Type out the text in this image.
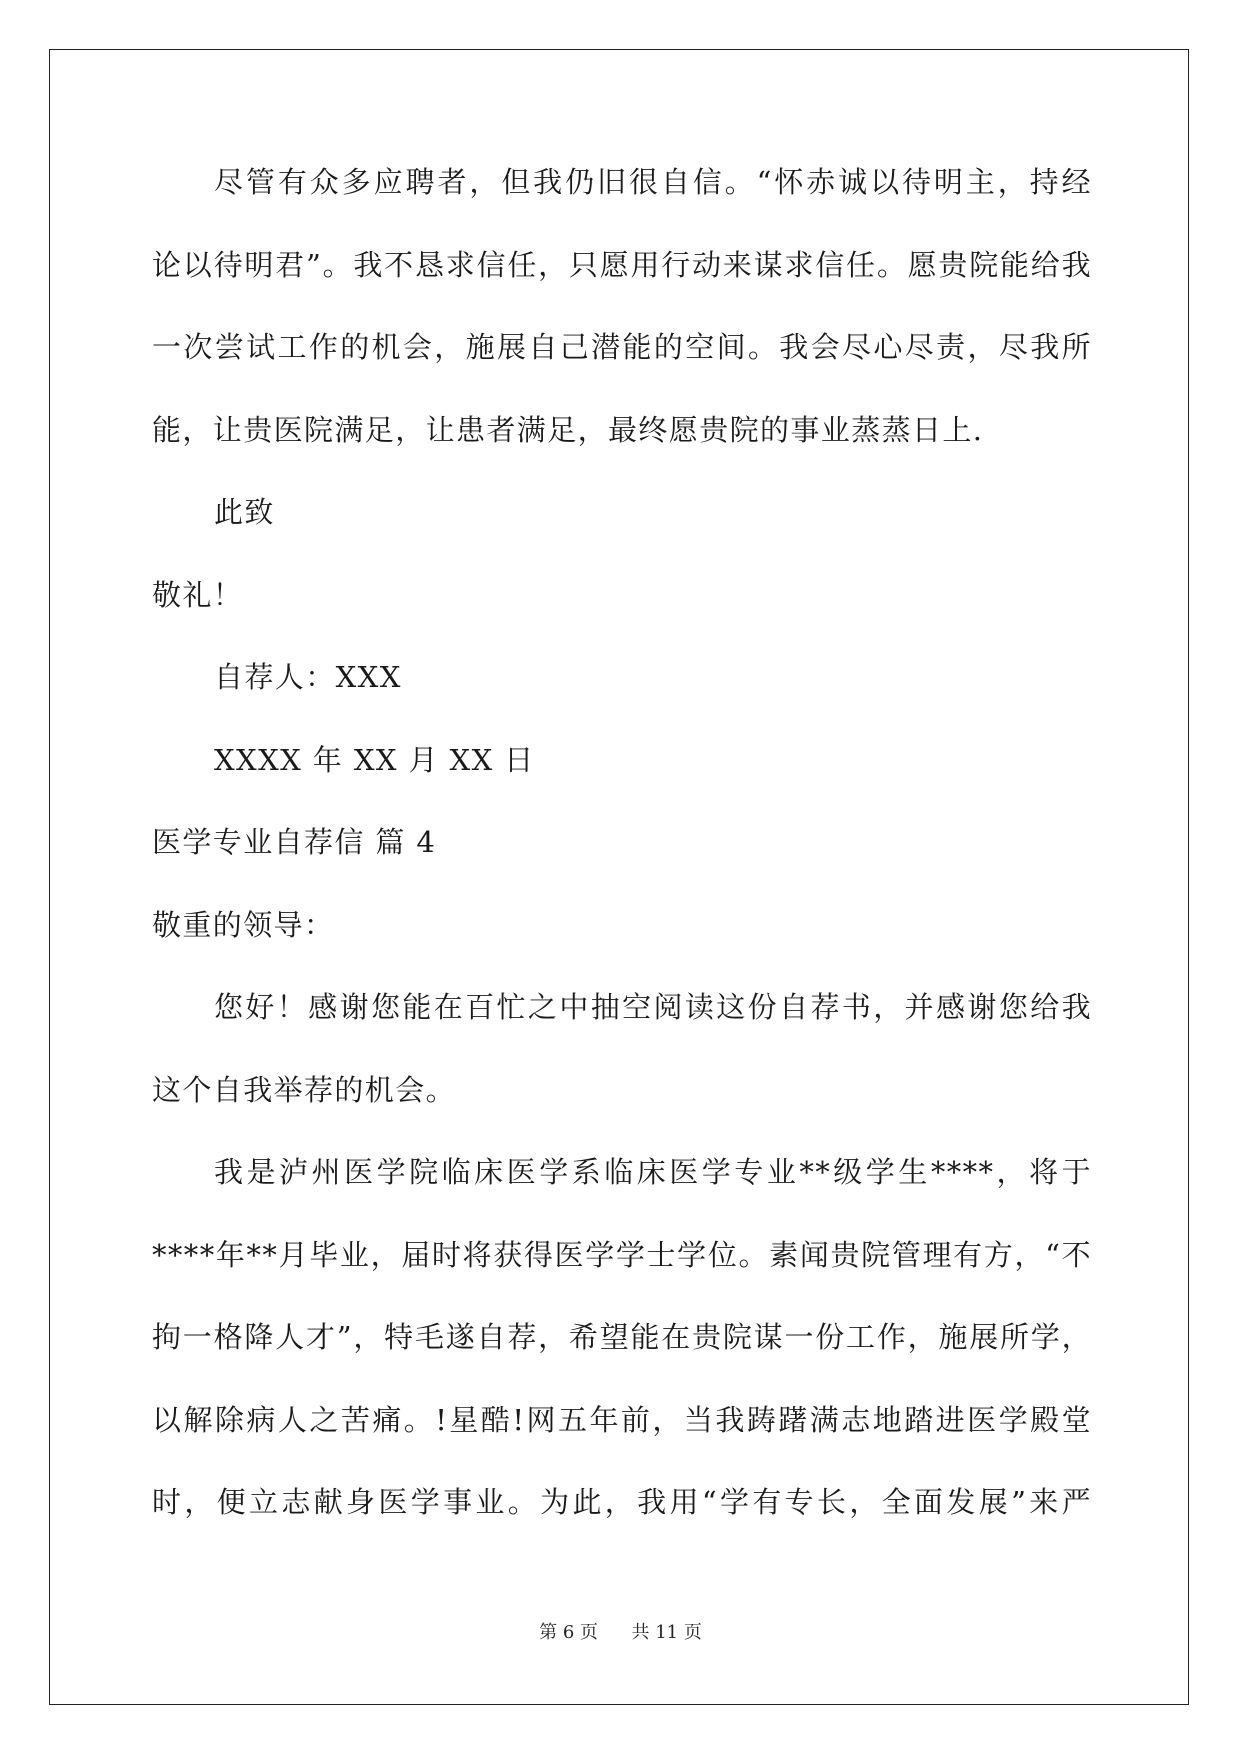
尽管有众多应聘者，但我仍旧很自信。“怀赤诚以待明主，持经
论以待明君”。我不恳求信任，只愿用行动来谋求信任。愿贵院能给我
一次尝试工作的机会，施展自己潜能的空间。我会尽心尽责，尽我所
能，让贵医院满足，让患者满足，最终愿贵院的事业蒸蒸日上.
此致
敬礼！
自荐人：XXX
XXXX 年 XX 月 XX 日
医学专业自荐信 篇 4
敬重的领导：
您好！感谢您能在百忙之中抽空阅读这份自荐书，并感谢您给我
这个自我举荐的机会。
我是泸州医学院临床医学系临床医学专业**级学生****，将于
****年**月毕业，届时将获得医学学士学位。素闻贵院管理有方，“不
拘一格降人才”，特毛遂自荐，希望能在贵院谋一份工作，施展所学，
以解除病人之苦痛。!星酷!网五年前，当我踌躇满志地踏进医学殿堂
时，便立志献身医学事业。为此，我用“学有专长，全面发展”来严
第 6 页 共 11 页
